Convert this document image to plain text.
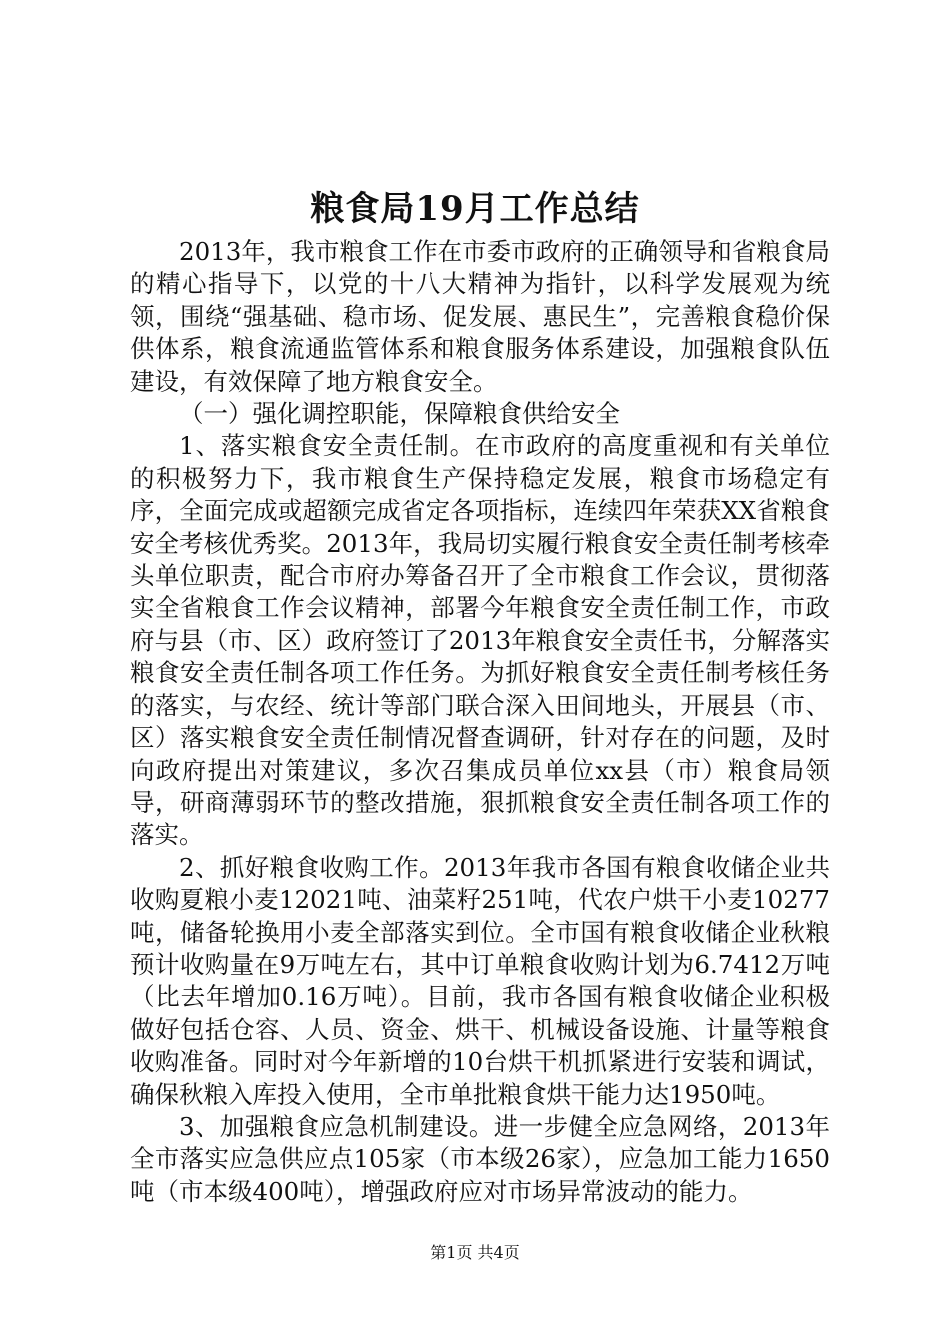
粮食局19月工作总结

2013年，我市粮食工作在市委市政府的正确领导和省粮食局的精心指导下，以党的十八大精神为指针，以科学发展观为统领，围绕“强基础、稳市场、促发展、惠民生”，完善粮食稳价保供体系，粮食流通监管体系和粮食服务体系建设，加强粮食队伍建设，有效保障了地方粮食安全。

（一）强化调控职能，保障粮食供给安全

1、落实粮食安全责任制。在市政府的高度重视和有关单位的积极努力下，我市粮食生产保持稳定发展，粮食市场稳定有序，全面完成或超额完成省定各项指标，连续四年荣获XX省粮食安全考核优秀奖。2013年，我局切实履行粮食安全责任制考核牵头单位职责，配合市府办筹备召开了全市粮食工作会议，贯彻落实全省粮食工作会议精神，部署今年粮食安全责任制工作，市政府与县（市、区）政府签订了2013年粮食安全责任书，分解落实粮食安全责任制各项工作任务。为抓好粮食安全责任制考核任务的落实，与农经、统计等部门联合深入田间地头，开展县（市、区）落实粮食安全责任制情况督查调研，针对存在的问题，及时向政府提出对策建议，多次召集成员单位xx县（市）粮食局领导，研商薄弱环节的整改措施，狠抓粮食安全责任制各项工作的落实。

2、抓好粮食收购工作。2013年我市各国有粮食收储企业共收购夏粮小麦12021吨、油菜籽251吨，代农户烘干小麦10277吨，储备轮换用小麦全部落实到位。全市国有粮食收储企业秋粮预计收购量在9万吨左右，其中订单粮食收购计划为6.7412万吨（比去年增加0.16万吨）。目前，我市各国有粮食收储企业积极做好包括仓容、人员、资金、烘干、机械设备设施、计量等粮食收购准备。同时对今年新增的10台烘干机抓紧进行安装和调试，确保秋粮入库投入使用，全市单批粮食烘干能力达1950吨。

3、加强粮食应急机制建设。进一步健全应急网络，2013年全市落实应急供应点105家（市本级26家），应急加工能力1650吨（市本级400吨），增强政府应对市场异常波动的能力。

第1页 共4页
